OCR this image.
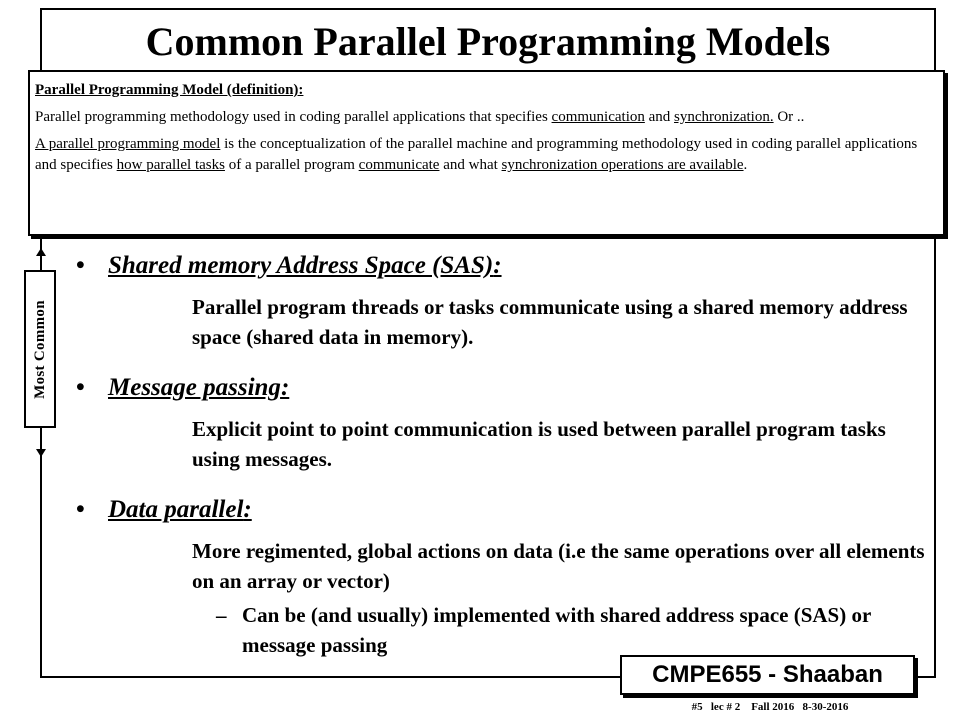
Common Parallel Programming Models

Parallel Programming Model (definition):

Parallel programming methodology used in coding parallel applications that specifies communication and synchronization. Or ..

A parallel programming model is the conceptualization of the parallel machine and programming methodology used in coding parallel applications and specifies how parallel tasks of a parallel program communicate and what synchronization operations are available.

Most Common
• Shared memory Address Space (SAS):
Parallel program threads or tasks communicate using a shared memory address space (shared data in memory).
• Message passing:
Explicit point to point communication is used between parallel program tasks using messages.
• Data parallel:
More regimented, global actions on data (i.e the same operations over all elements on an array or vector)
– Can be (and usually) implemented with shared address space (SAS) or message passing
CMPE655 - Shaaban
#5   lec # 2    Fall 2016   8-30-2016
